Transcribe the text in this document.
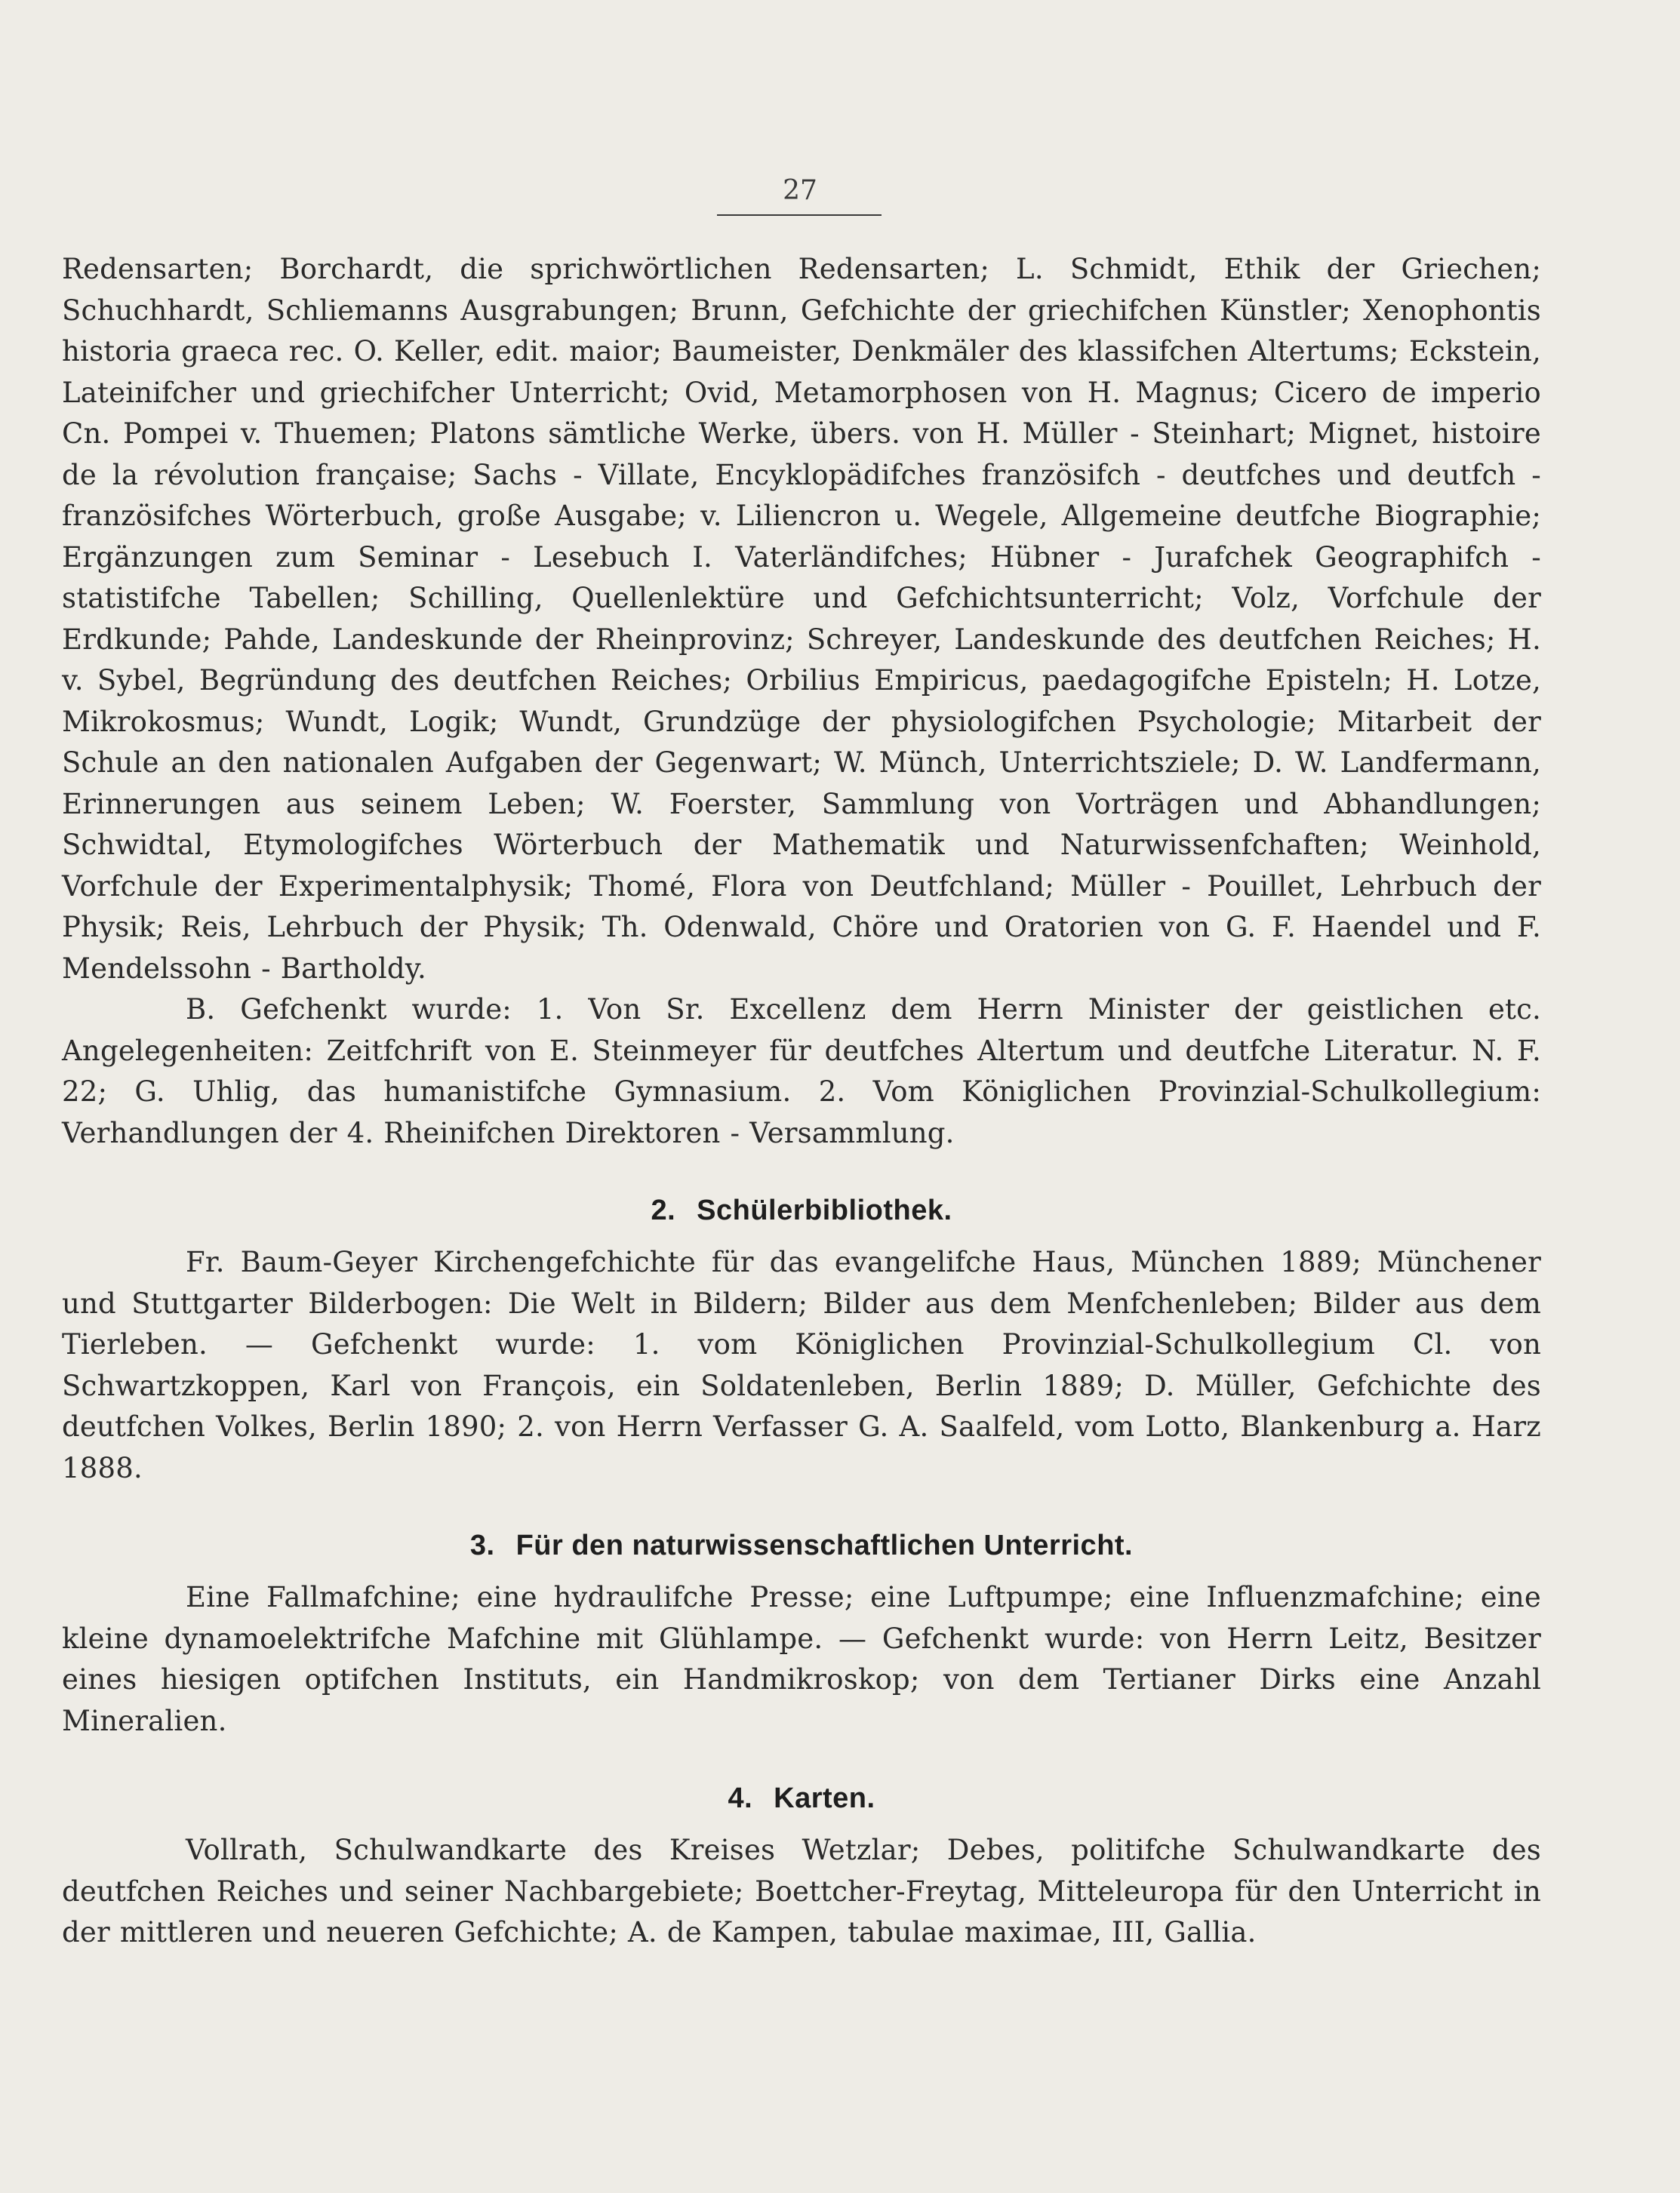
27

Redensarten; Borchardt, die sprichwörtlichen Redensarten; L. Schmidt, Ethik der Griechen; Schuchhardt, Schliemanns Ausgrabungen; Brunn, Gefchichte der griechifchen Künstler; Xenophontis historia graeca rec. O. Keller, edit. maior; Baumeister, Denkmäler des klassifchen Altertums; Eckstein, Lateinifcher und griechifcher Unterricht; Ovid, Metamorphosen von H. Magnus; Cicero de imperio Cn. Pompei v. Thuemen; Platons sämtliche Werke, übers. von H. Müller - Steinhart; Mignet, histoire de la révolution française; Sachs - Villate, Encyklopädifches französifch - deutfches und deutfch - französifches Wörterbuch, große Ausgabe; v. Liliencron u. Wegele, Allgemeine deutfche Biographie; Ergänzungen zum Seminar - Lesebuch I. Vaterländifches; Hübner - Jurafchek Geographifch - statistifche Tabellen; Schilling, Quellenlektüre und Gefchichtsunterricht; Volz, Vorfchule der Erdkunde; Pahde, Landeskunde der Rheinprovinz; Schreyer, Landeskunde des deutfchen Reiches; H. v. Sybel, Begründung des deutfchen Reiches; Orbilius Empiricus, paedagogifche Episteln; H. Lotze, Mikrokosmus; Wundt, Logik; Wundt, Grundzüge der physiologifchen Psychologie; Mitarbeit der Schule an den nationalen Aufgaben der Gegenwart; W. Münch, Unterrichtsziele; D. W. Landfermann, Erinnerungen aus seinem Leben; W. Foerster, Sammlung von Vorträgen und Abhandlungen; Schwidtal, Etymologifches Wörterbuch der Mathematik und Naturwissenfchaften; Weinhold, Vorfchule der Experimentalphysik; Thomé, Flora von Deutfchland; Müller - Pouillet, Lehrbuch der Physik; Reis, Lehrbuch der Physik; Th. Odenwald, Chöre und Oratorien von G. F. Haendel und F. Mendelssohn - Bartholdy.

B. Gefchenkt wurde: 1. Von Sr. Excellenz dem Herrn Minister der geistlichen etc. Angelegenheiten: Zeitfchrift von E. Steinmeyer für deutfches Altertum und deutfche Literatur. N. F. 22; G. Uhlig, das humanistifche Gymnasium. 2. Vom Königlichen Provinzial-Schulkollegium: Verhandlungen der 4. Rheinifchen Direktoren - Versammlung.

2. Schülerbibliothek.

Fr. Baum-Geyer Kirchengefchichte für das evangelifche Haus, München 1889; Münchener und Stuttgarter Bilderbogen: Die Welt in Bildern; Bilder aus dem Menfchenleben; Bilder aus dem Tierleben. — Gefchenkt wurde: 1. vom Königlichen Provinzial-Schulkollegium Cl. von Schwartzkoppen, Karl von François, ein Soldatenleben, Berlin 1889; D. Müller, Gefchichte des deutfchen Volkes, Berlin 1890; 2. von Herrn Verfasser G. A. Saalfeld, vom Lotto, Blankenburg a. Harz 1888.

3. Für den naturwissenschaftlichen Unterricht.

Eine Fallmafchine; eine hydraulifche Presse; eine Luftpumpe; eine Influenzmafchine; eine kleine dynamoelektrifche Mafchine mit Glühlampe. — Gefchenkt wurde: von Herrn Leitz, Besitzer eines hiesigen optifchen Instituts, ein Handmikroskop; von dem Tertianer Dirks eine Anzahl Mineralien.

4. Karten.

Vollrath, Schulwandkarte des Kreises Wetzlar; Debes, politifche Schulwandkarte des deutfchen Reiches und seiner Nachbargebiete; Boettcher-Freytag, Mitteleuropa für den Unterricht in der mittleren und neueren Gefchichte; A. de Kampen, tabulae maximae, III, Gallia.
